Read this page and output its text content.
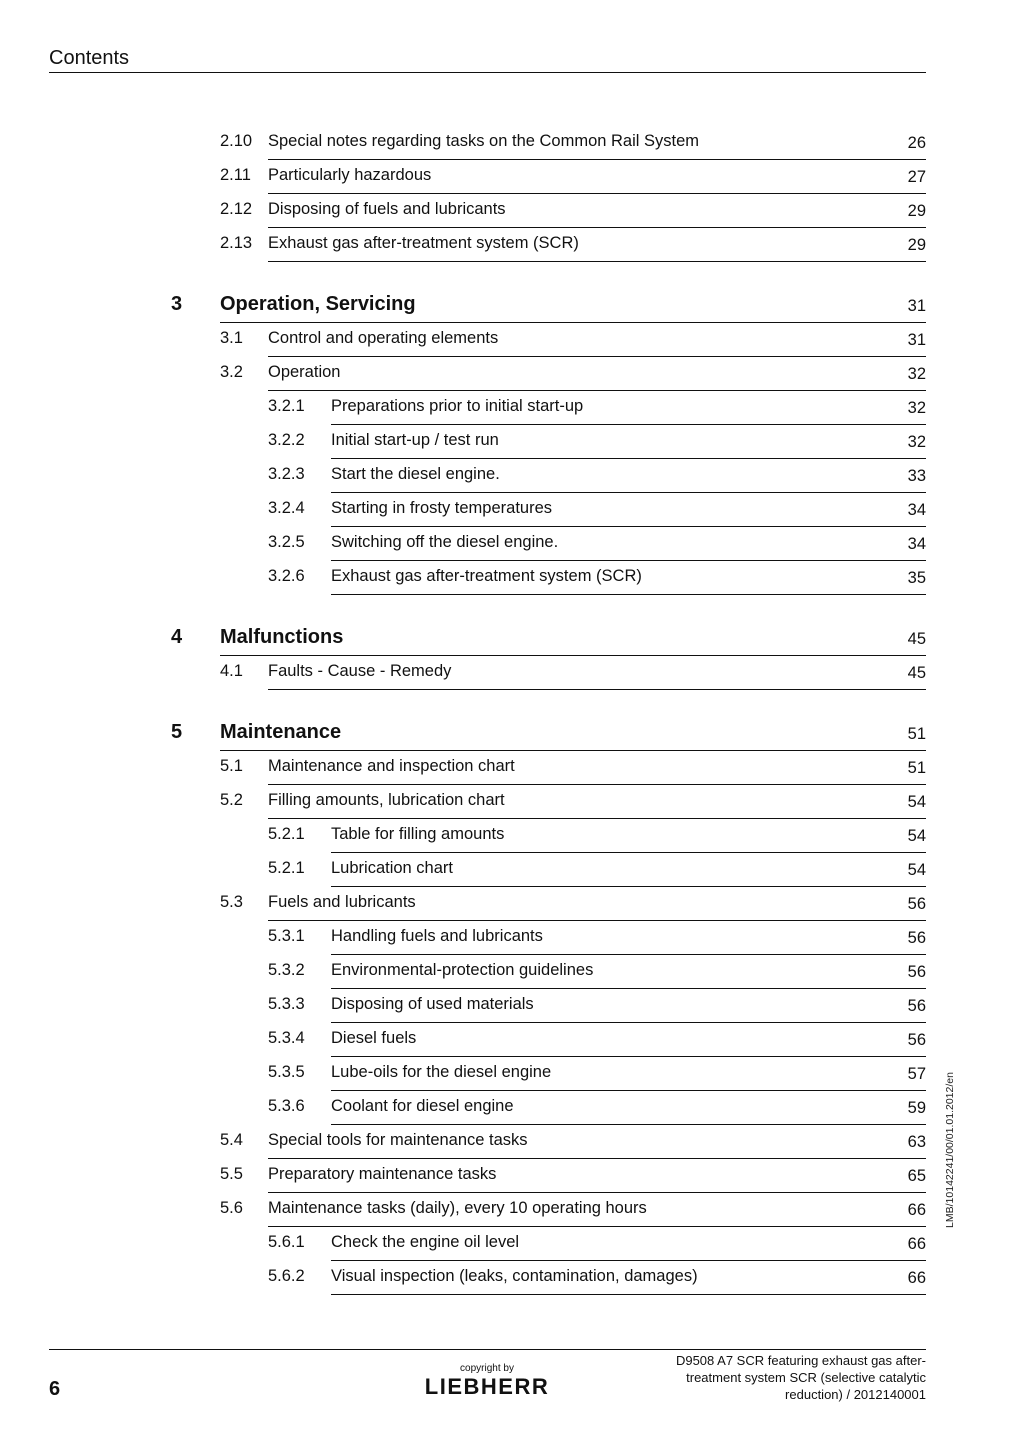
Contents
2.10 Special notes regarding tasks on the Common Rail System	26
2.11 Particularly hazardous	27
2.12 Disposing of fuels and lubricants	29
2.13 Exhaust gas after-treatment system (SCR)	29
3 Operation, Servicing	31
3.1 Control and operating elements	31
3.2 Operation	32
3.2.1 Preparations prior to initial start-up	32
3.2.2 Initial start-up / test run	32
3.2.3 Start the diesel engine.	33
3.2.4 Starting in frosty temperatures	34
3.2.5 Switching off the diesel engine.	34
3.2.6 Exhaust gas after-treatment system (SCR)	35
4 Malfunctions	45
4.1 Faults - Cause - Remedy	45
5 Maintenance	51
5.1 Maintenance and inspection chart	51
5.2 Filling amounts, lubrication chart	54
5.2.1 Table for filling amounts	54
5.2.1 Lubrication chart	54
5.3 Fuels and lubricants	56
5.3.1 Handling fuels and lubricants	56
5.3.2 Environmental-protection guidelines	56
5.3.3 Disposing of used materials	56
5.3.4 Diesel fuels	56
5.3.5 Lube-oils for the diesel engine	57
5.3.6 Coolant for diesel engine	59
5.4 Special tools for maintenance tasks	63
5.5 Preparatory maintenance tasks	65
5.6 Maintenance tasks (daily), every 10 operating hours	66
5.6.1 Check the engine oil level	66
5.6.2 Visual inspection (leaks, contamination, damages)	66
LMB/10142241/00/01.01.2012/en
6
copyright by
LIEBHERR
D9508 A7 SCR featuring exhaust gas after-treatment system SCR (selective catalytic reduction) / 2012140001
